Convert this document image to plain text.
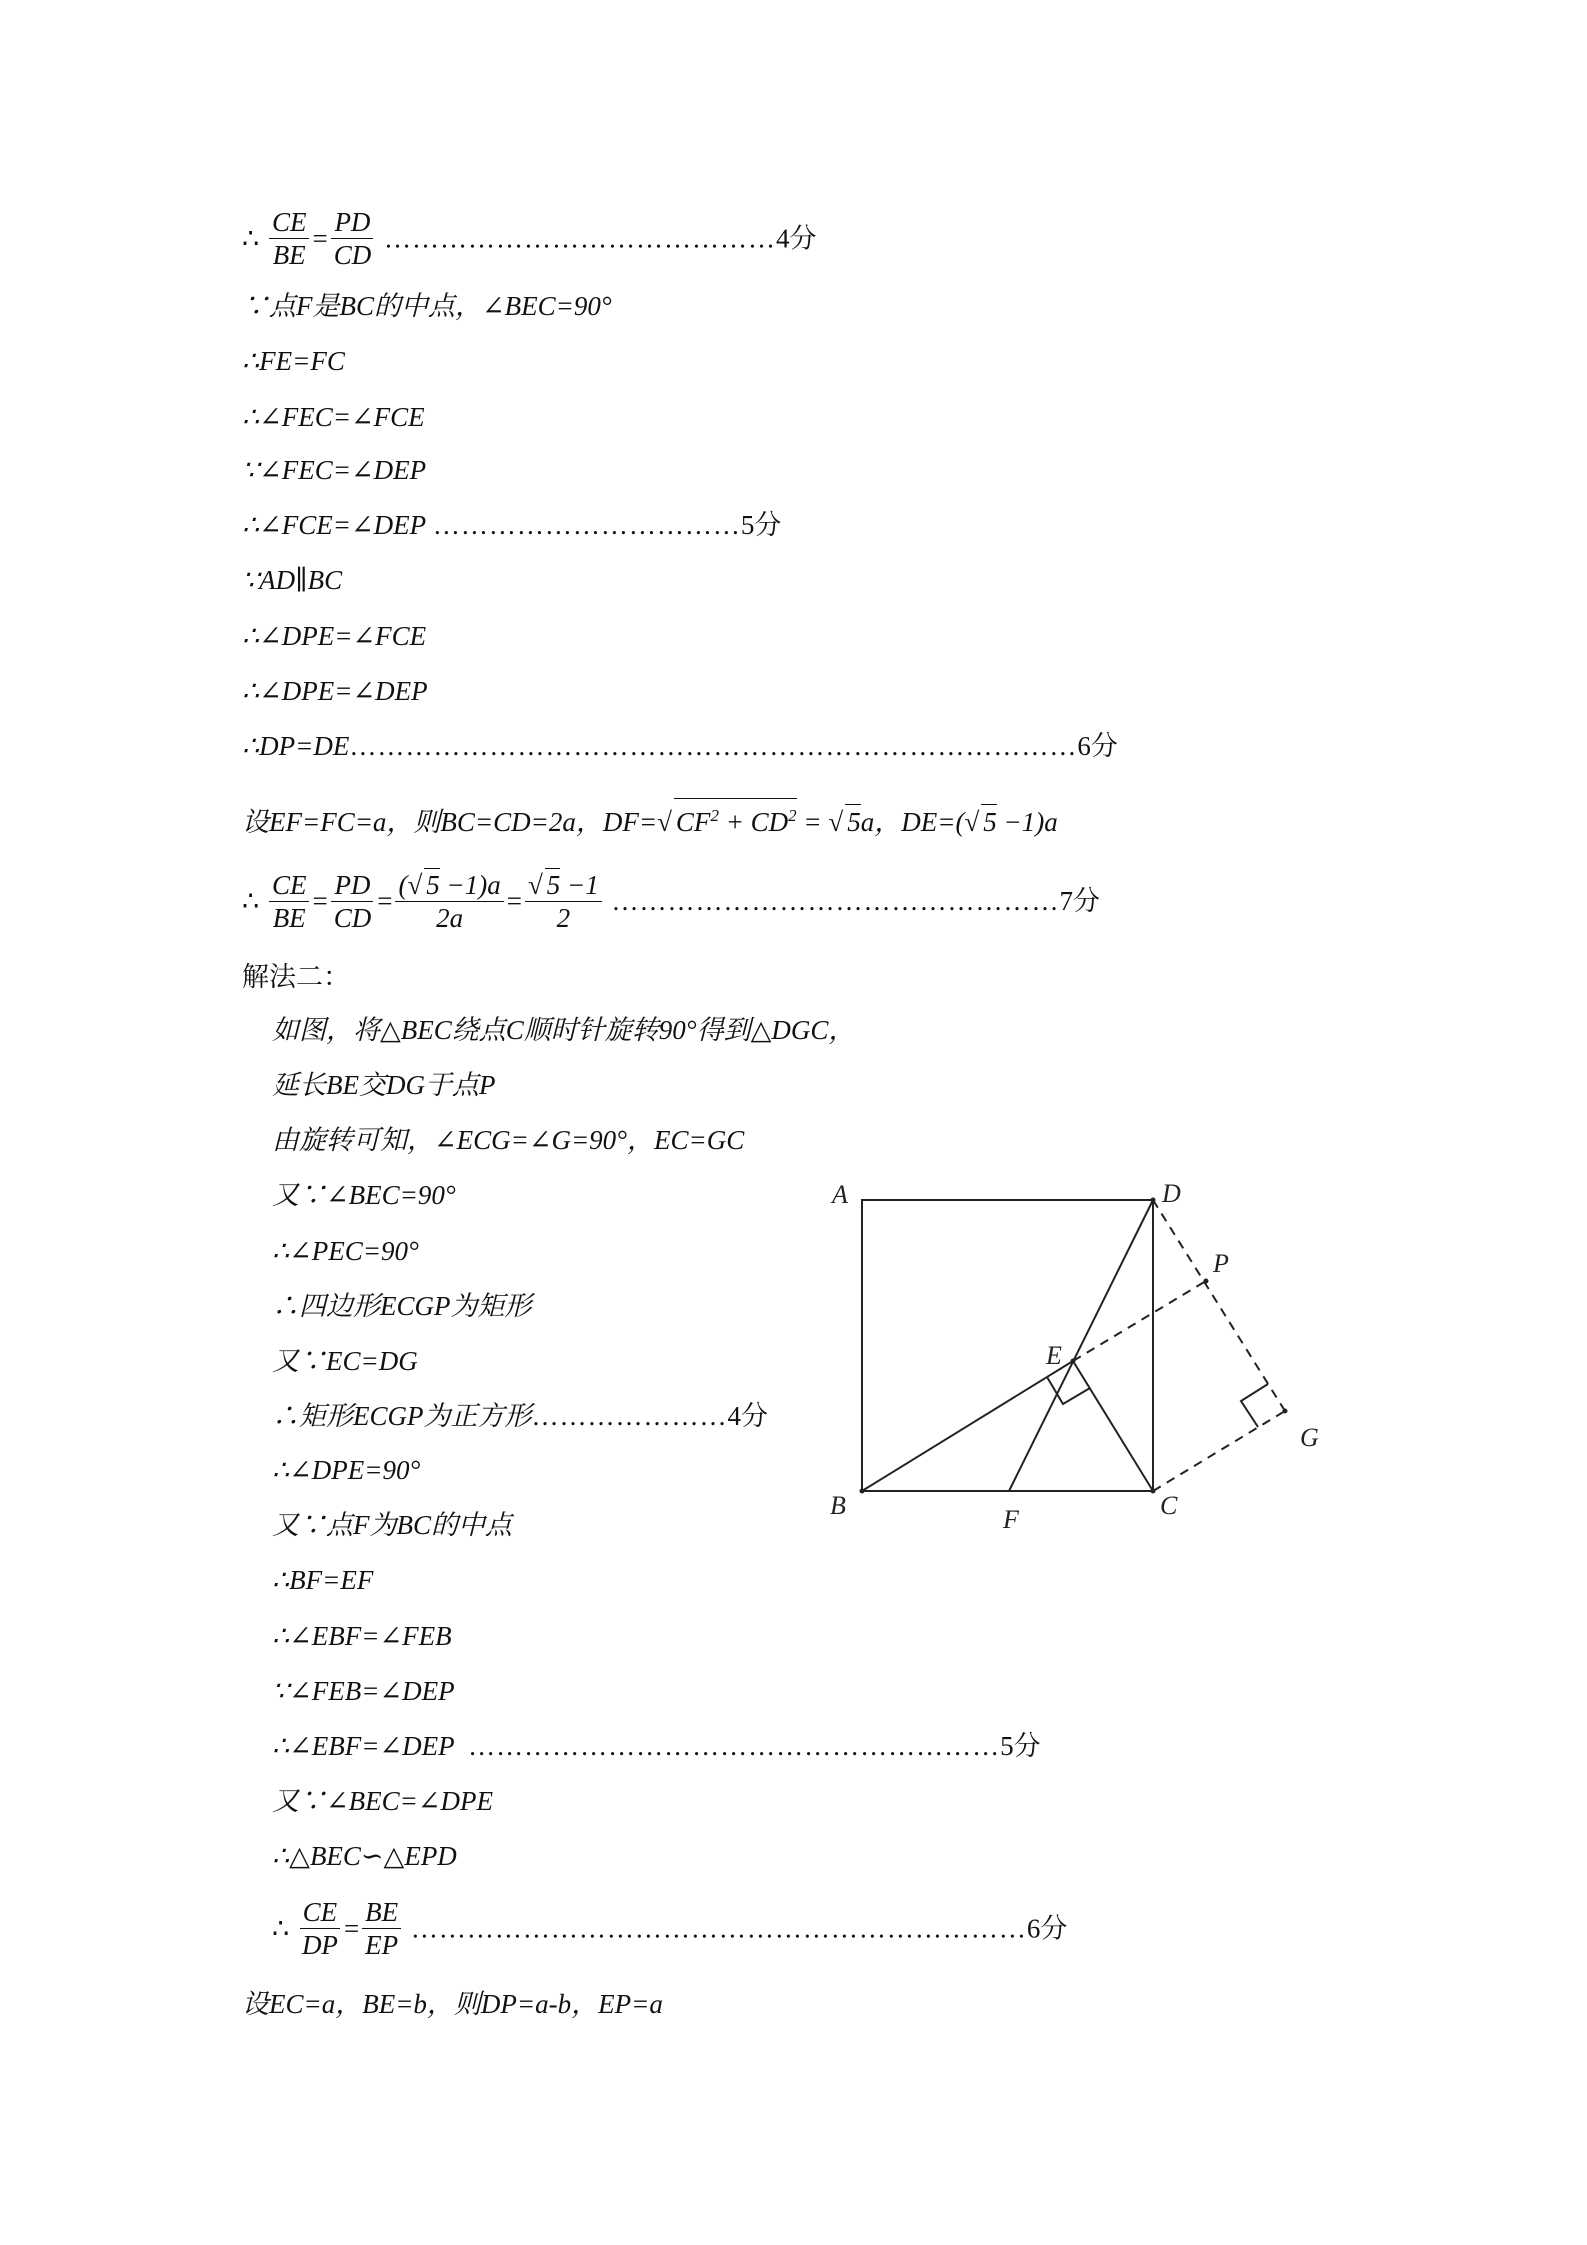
∴ $\frac{CE}{BE} = \frac{PD}{CD}$ ……………………………………4分
∵点F是BC的中点，∠BEC=90°
∴FE=FC
∴∠FEC=∠FCE
∵∠FEC=∠DEP
∴∠FCE=∠DEP ……………………………5分
∵AD∥BC
∴∠DPE=∠FCE
∴∠DPE=∠DEP
∴DP=DE……………………………………………………………………6分
设EF=FC=a，则BC=CD=2a，DF=√ $CF^2 + CD^2$ = √ 5a，DE=(√ 5 −1)a
∴ $\frac{CE}{BE} = \frac{PD}{CD} = \frac{(√ 5 -1)a}{2a} = \frac{√ 5 -1}{2}$ …………………………………………7分
解法二：
如图，将△BEC绕点C顺时针旋转90°得到△DGC，
延长BE交DG于点P
由旋转可知，∠ECG=∠G=90°，EC=GC
又∵∠BEC=90°
∴∠PEC=90°
∴四边形ECGP为矩形
又∵EC=DG
∴矩形ECGP为正方形…………………4分
∴∠DPE=90°
又∵点F为BC的中点
∴BF=EF
∴∠EBF=∠FEB
∵∠FEB=∠DEP
∴∠EBF=∠DEP …………………………………………………5分
又∵∠BEC=∠DPE
∴△BEC∽△EPD
∴ $\frac{CE}{DP} = \frac{BE}{EP}$ …………………………………………………………6分
设EC=a，BE=b，则DP=a-b，EP=a
A	D
P
E
G
B	F	C
